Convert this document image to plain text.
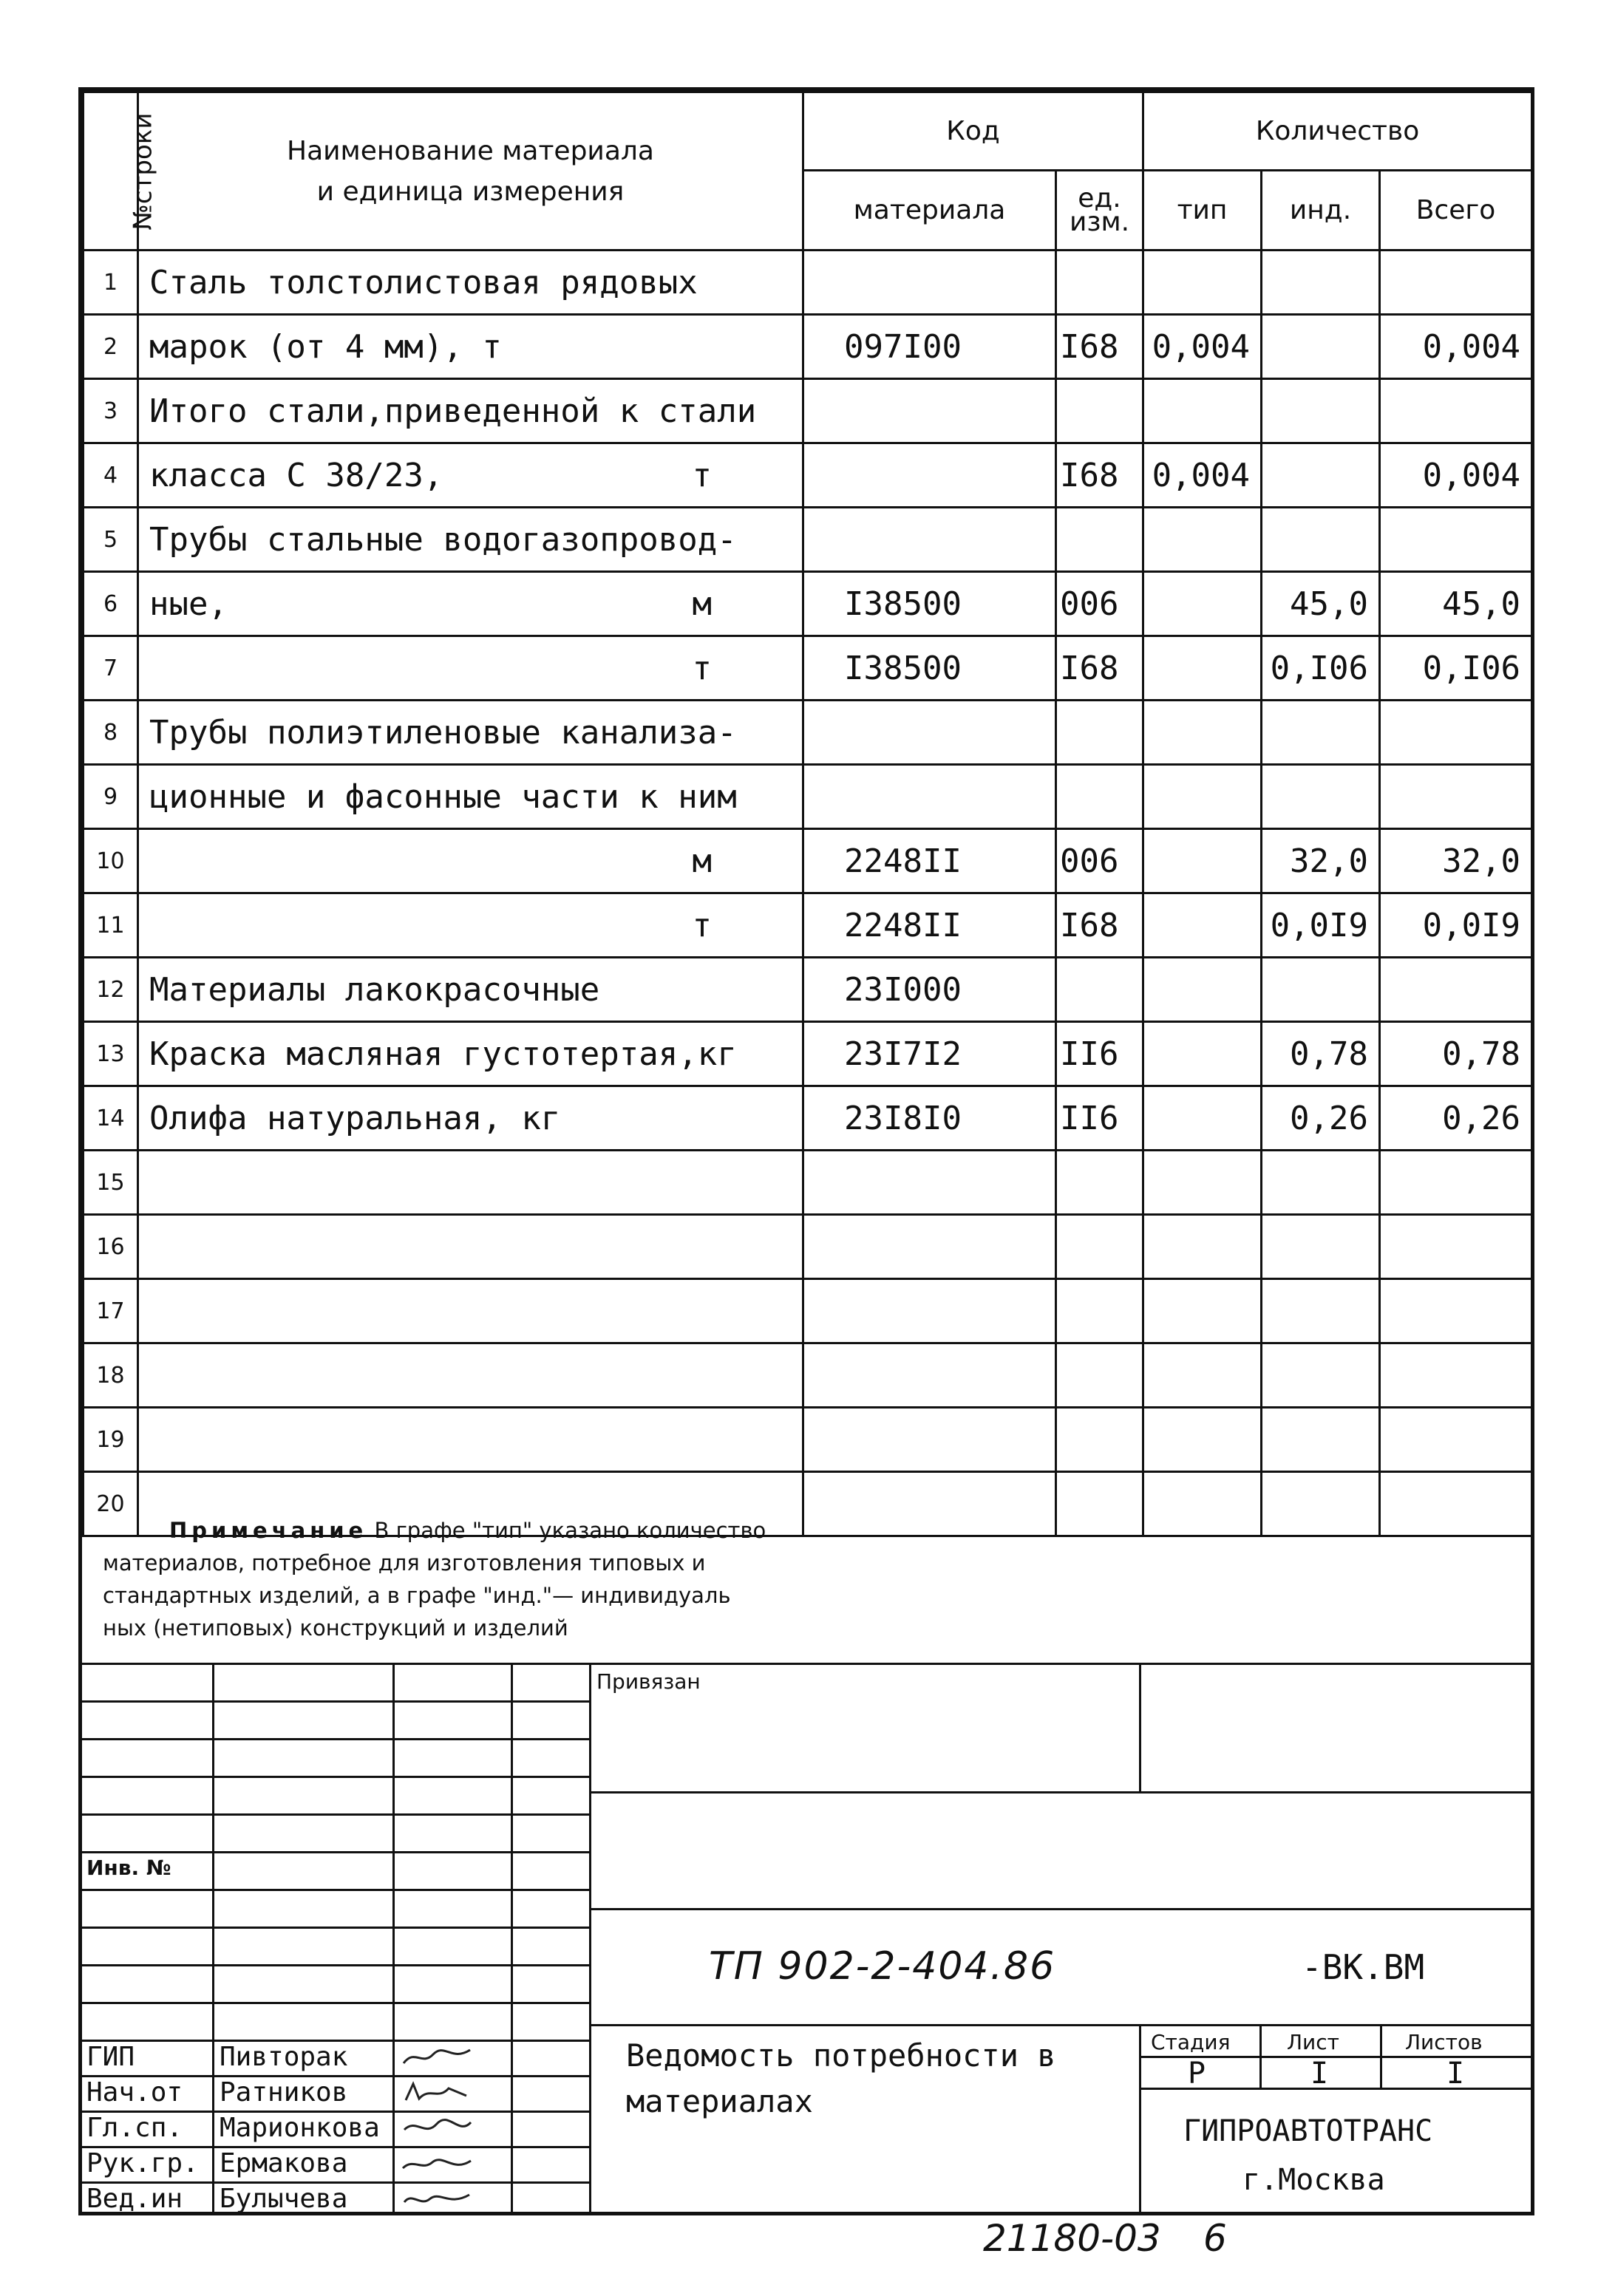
№строки	Наименование материала
и единица измерения	Код		Количество		
		материала	ед. изм.	тип	инд.	Всего
1	Сталь толстолистовая рядовых

2	марок (от 4 мм), т	097I00	I68	0,004		0,004
3	Итого стали,приведенной к стали

4	класса С 38/23, т		I68	0,004		0,004
5	Трубы стальные водогазопровод-

6	ные, м	I38500	006		45,0	45,0
7	т	I38500	I68		0,I06	0,I06
8	Трубы полиэтиленовые канализа-

9	ционные и фасонные части к ним

10	м	2248II	006		32,0	32,0
11	т	2248II	I68		0,0I9	0,0I9
12	Материалы лакокрасочные	23I000				
13	Краска масляная густотертая,кг	23I7I2	II6		0,78	0,78
14	Олифа натуральная, кг	23I8I0	II6		0,26	0,26
15	

16	

17	

18	

19	

20	

Примечание В графе "тип" указано количество
материалов, потребное для изготовления типовых и
стандартных изделий, а в графе "инд."— индивидуаль
ных (нетиповых) конструкций и изделий
Привязан
Инв. №
ТП 902-2-404.86	-ВК.ВМ
Ведомость потребности в
материалах
Стадия	Лист	Листов
Р	I	I
ГИПРОАВТОТРАНС
г.Москва
ГИП	Пивторак
Нач.от Ратников
Гл.сп. Марионкова
Рук.гр. Ермакова
Вед.ин Булычева
21180-03 6
